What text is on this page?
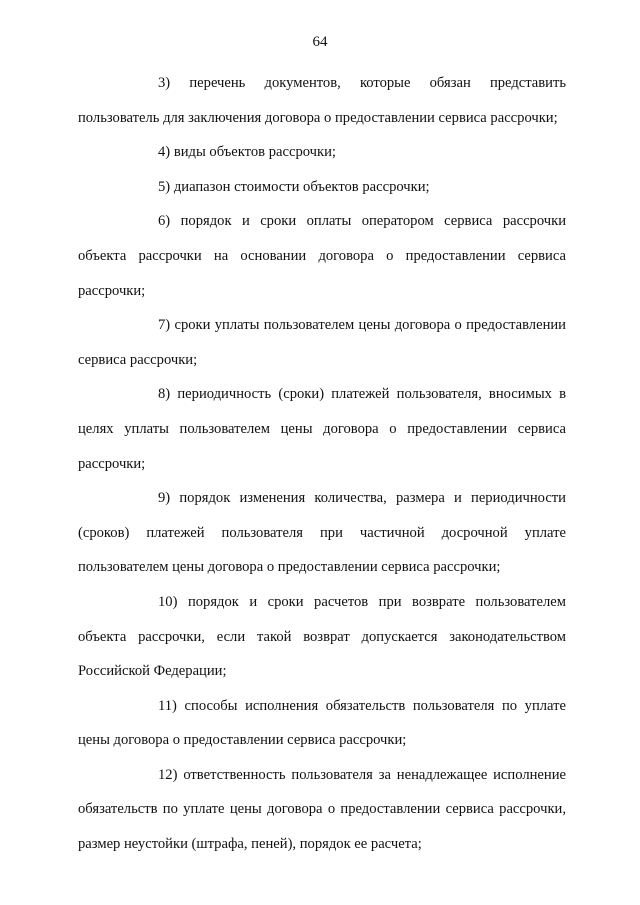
64

3) перечень документов, которые обязан представить пользователь для заключения договора о предоставлении сервиса рассрочки;

4) виды объектов рассрочки;

5) диапазон стоимости объектов рассрочки;

6) порядок и сроки оплаты оператором сервиса рассрочки объекта рассрочки на основании договора о предоставлении сервиса рассрочки;

7) сроки уплаты пользователем цены договора о предоставлении сервиса рассрочки;

8) периодичность (сроки) платежей пользователя, вносимых в целях уплаты пользователем цены договора о предоставлении сервиса рассрочки;

9) порядок изменения количества, размера и периодичности (сроков) платежей пользователя при частичной досрочной уплате пользователем цены договора о предоставлении сервиса рассрочки;

10) порядок и сроки расчетов при возврате пользователем объекта рассрочки, если такой возврат допускается законодательством Российской Федерации;

11) способы исполнения обязательств пользователя по уплате цены договора о предоставлении сервиса рассрочки;

12) ответственность пользователя за ненадлежащее исполнение обязательств по уплате цены договора о предоставлении сервиса рассрочки, размер неустойки (штрафа, пеней), порядок ее расчета;
